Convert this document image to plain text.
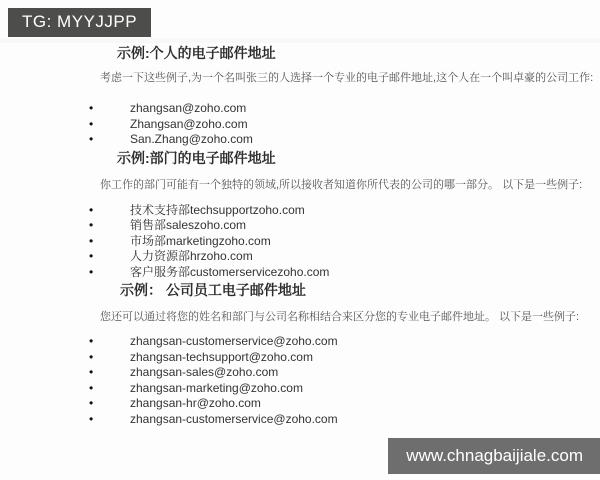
TG: MYYJJPP
示例:个人的电子邮件地址

考虑一下这些例子,为一个名叫张三的人选择一个专业的电子邮件地址,这个人在一个叫卓豪的公司工作:

• zhangsan@zoho.com
• Zhangsan@zoho.com
• San.Zhang@zoho.com
示例:部门的电子邮件地址

你工作的部门可能有一个独特的领域,所以接收者知道你所代表的公司的哪一部分。 以下是一些例子:

• 技术支持部techsupportzoho.com
• 销售部saleszoho.com
• 市场部marketingzoho.com
• 人力资源部hrzoho.com
• 客户服务部customerservicezoho.com
示例： 公司员工电子邮件地址

您还可以通过将您的姓名和部门与公司名称相结合来区分您的专业电子邮件地址。 以下是一些例子:

• zhangsan-customerservice@zoho.com
• zhangsan-techsupport@zoho.com
• zhangsan-sales@zoho.com
• zhangsan-marketing@zoho.com
• zhangsan-hr@zoho.com
• zhangsan-customerservice@zoho.com
www.chnagbaijiale.com
